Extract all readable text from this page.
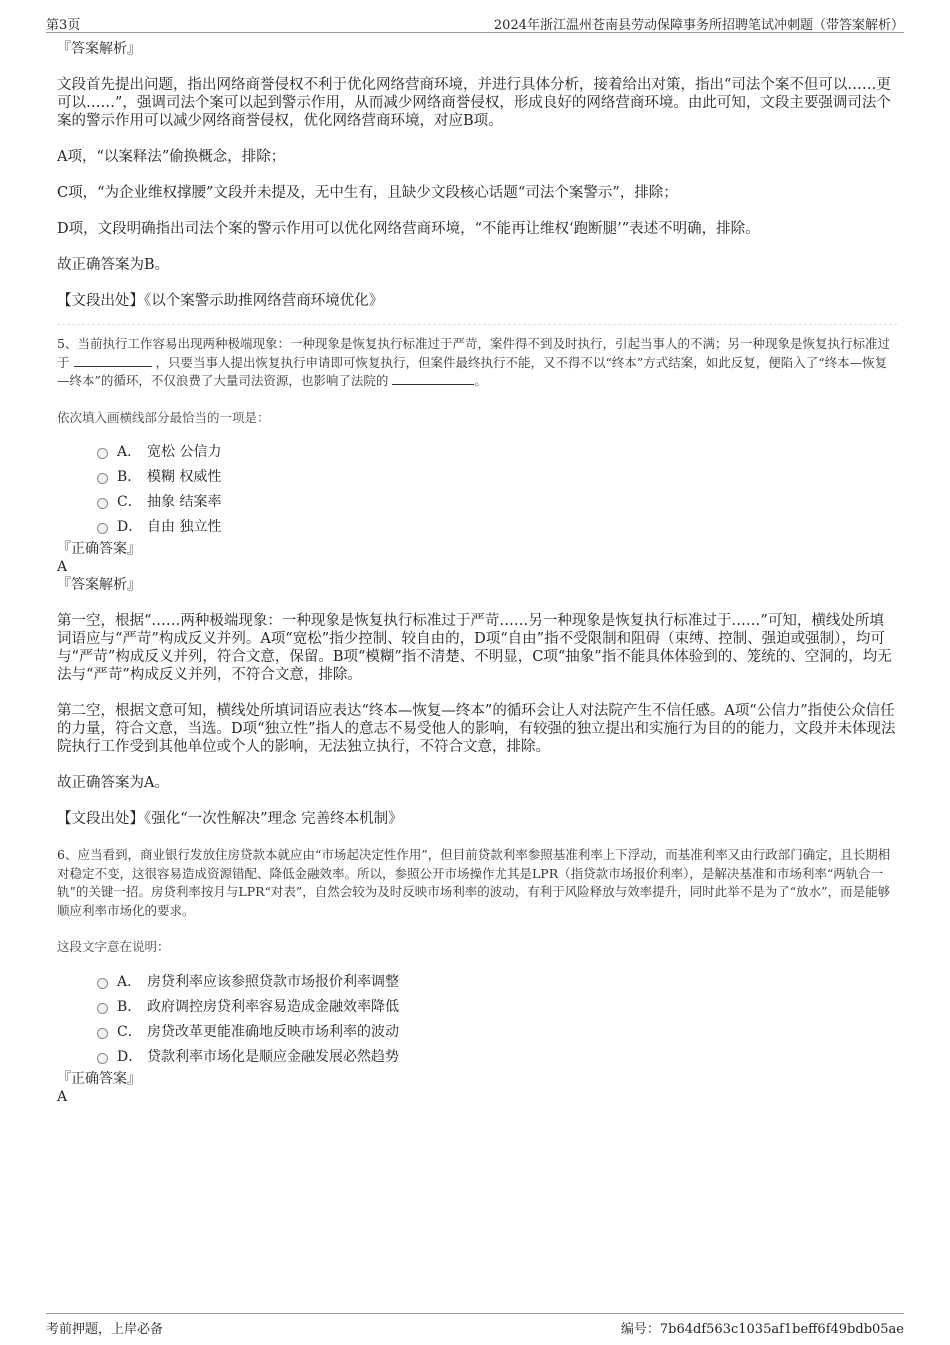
第3页	2024年浙江温州苍南县劳动保障事务所招聘笔试冲刺题（带答案解析）

『答案解析』

文段首先提出问题，指出网络商誉侵权不利于优化网络营商环境，并进行具体分析，接着给出对策，指出“司法个案不但可以……更可以……”，强调司法个案可以起到警示作用，从而减少网络商誉侵权，形成良好的网络营商环境。由此可知，文段主要强调司法个案的警示作用可以减少网络商誉侵权，优化网络营商环境，对应B项。

A项，“以案释法”偷换概念，排除；

C项，“为企业维权撑腰”文段并未提及，无中生有，且缺少文段核心话题“司法个案警示”，排除；

D项，文段明确指出司法个案的警示作用可以优化网络营商环境，“不能再让维权‘跑断腿’”表述不明确，排除。

故正确答案为B。

【文段出处】《以个案警示助推网络营商环境优化》

5、当前执行工作容易出现两种极端现象：一种现象是恢复执行标准过于严苛，案件得不到及时执行，引起当事人的不满；另一种现象是恢复执行标准过于	，只要当事人提出恢复执行申请即可恢复执行，但案件最终执行不能，又不得不以“终本”方式结案，如此反复，便陷入了“终本—恢复—终本”的循环，不仅浪费了大量司法资源，也影响了法院的	。

依次填入画横线部分最恰当的一项是：

A． 宽松 公信力
B． 模糊 权威性
C． 抽象 结案率
D． 自由 独立性

『正确答案』

A

『答案解析』

第一空，根据“……两种极端现象：一种现象是恢复执行标准过于严苛……另一种现象是恢复执行标准过于……”可知，横线处所填词语应与“严苛”构成反义并列。A项“宽松”指少控制、较自由的，D项“自由”指不受限制和阻碍（束缚、控制、强迫或强制），均可与“严苛”构成反义并列，符合文意，保留。B项“模糊”指不清楚、不明显，C项“抽象”指不能具体体验到的、笼统的、空洞的，均无法与“严苛”构成反义并列，不符合文意，排除。

第二空，根据文意可知，横线处所填词语应表达“终本—恢复—终本”的循环会让人对法院产生不信任感。A项“公信力”指使公众信任的力量，符合文意，当选。D项“独立性”指人的意志不易受他人的影响，有较强的独立提出和实施行为目的的能力，文段并未体现法院执行工作受到其他单位或个人的影响，无法独立执行，不符合文意，排除。

故正确答案为A。

【文段出处】《强化“一次性解决”理念 完善终本机制》

6、应当看到，商业银行发放住房贷款本就应由“市场起决定性作用”，但目前贷款利率参照基准利率上下浮动，而基准利率又由行政部门确定，且长期相对稳定不变，这很容易造成资源错配、降低金融效率。所以，参照公开市场操作尤其是LPR（指贷款市场报价利率），是解决基准和市场利率“两轨合一轨”的关键一招。房贷利率按月与LPR“对表”，自然会较为及时反映市场利率的波动，有利于风险释放与效率提升，同时此举不是为了“放水”，而是能够顺应利率市场化的要求。

这段文字意在说明：

A． 房贷利率应该参照贷款市场报价利率调整
B． 政府调控房贷利率容易造成金融效率降低
C． 房贷改革更能准确地反映市场利率的波动
D． 贷款利率市场化是顺应金融发展必然趋势

『正确答案』

A

考前押题，上岸必备	编号：7b64df563c1035af1beff6f49bdb05ae
